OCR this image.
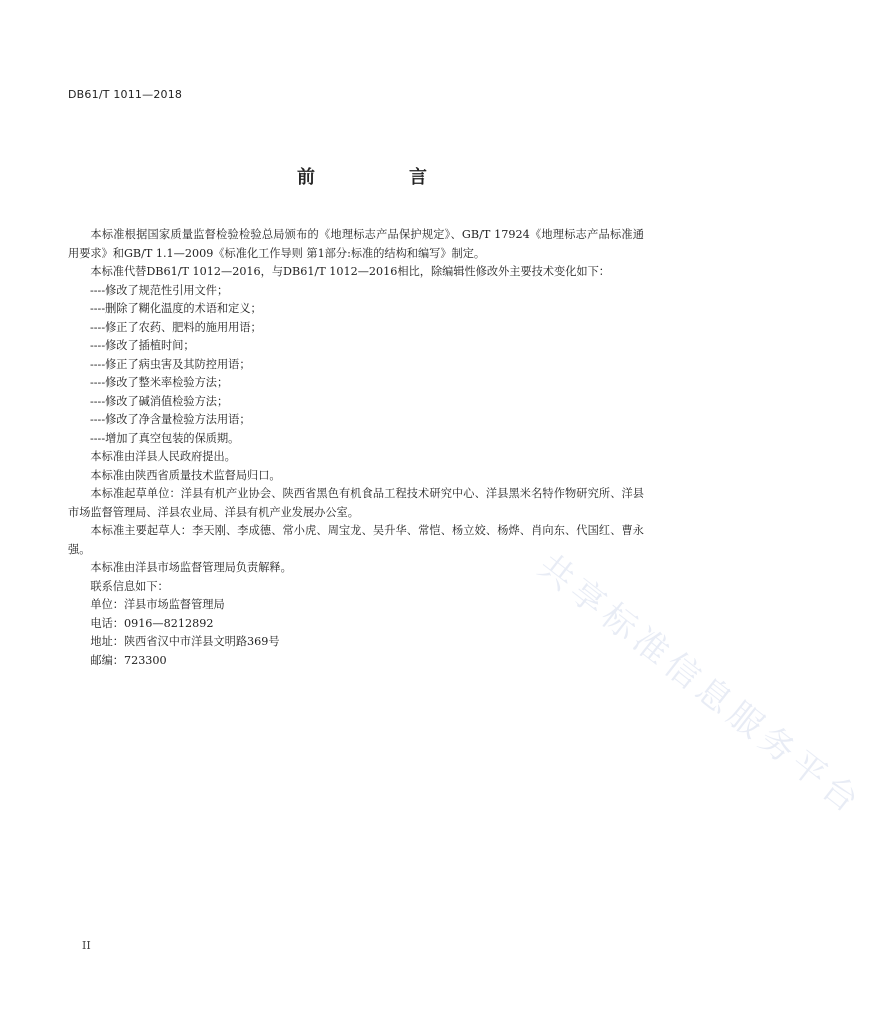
DB61/T 1011—2018
前　言

本标准根据国家质量监督检验检验总局颁布的《地理标志产品保护规定》、GB/T 17924《地理标志产品标准通用要求》和GB/T 1.1—2009《标准化工作导则 第1部分:标准的结构和编写》制定。

本标准代替DB61/T 1012—2016，与DB61/T 1012—2016相比，除编辑性修改外主要技术变化如下：

----修改了规范性引用文件；

----删除了糊化温度的术语和定义；

----修正了农药、肥料的施用用语；

----修改了插植时间；

----修正了病虫害及其防控用语；

----修改了整米率检验方法；

----修改了碱消值检验方法；

----修改了净含量检验方法用语；

----增加了真空包装的保质期。

本标准由洋县人民政府提出。

本标准由陕西省质量技术监督局归口。

本标准起草单位：洋县有机产业协会、陕西省黑色有机食品工程技术研究中心、洋县黑米名特作物研究所、洋县市场监督管理局、洋县农业局、洋县有机产业发展办公室。

本标准主要起草人：李天刚、李成德、常小虎、周宝龙、吴升华、常恺、杨立姣、杨烨、肖向东、代国红、曹永强。

本标准由洋县市场监督管理局负责解释。

联系信息如下：

单位：洋县市场监督管理局

电话：0916—8212892

地址：陕西省汉中市洋县文明路369号

邮编：723300	共享标准信息服务平台
II
